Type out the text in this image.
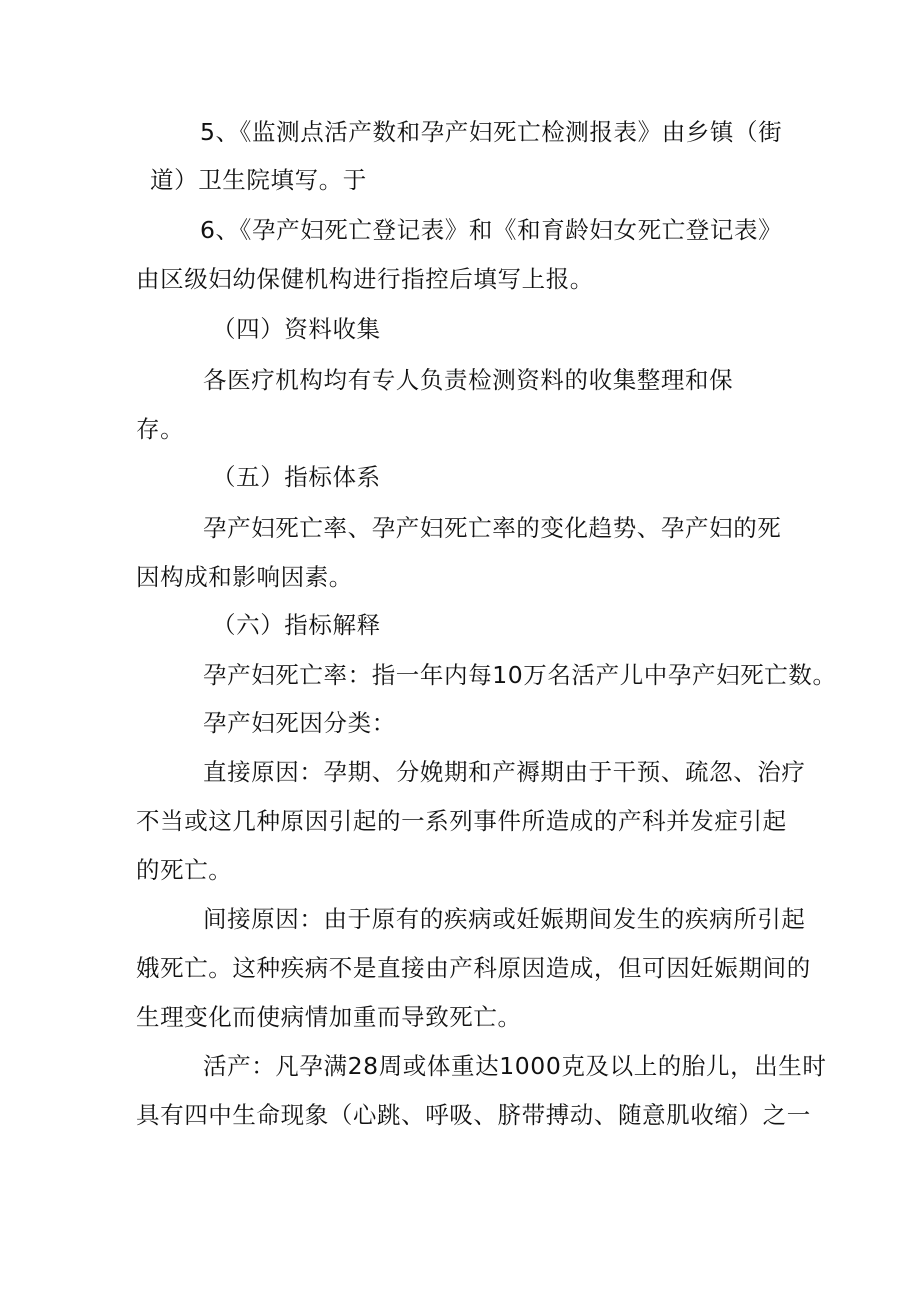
5、《监测点活产数和孕产妇死亡检测报表》由乡镇（街
道）卫生院填写。于
6、《孕产妇死亡登记表》和《和育龄妇女死亡登记表》
由区级妇幼保健机构进行指控后填写上报。
（四）资料收集
各医疗机构均有专人负责检测资料的收集整理和保
存。
（五）指标体系
孕产妇死亡率、孕产妇死亡率的变化趋势、孕产妇的死
因构成和影响因素。
（六）指标解释
孕产妇死亡率：指一年内每10万名活产儿中孕产妇死亡数。
孕产妇死因分类：
直接原因：孕期、分娩期和产褥期由于干预、疏忽、治疗
不当或这几种原因引起的一系列事件所造成的产科并发症引起
的死亡。
间接原因：由于原有的疾病或妊娠期间发生的疾病所引起
娥死亡。这种疾病不是直接由产科原因造成，但可因妊娠期间的
生理变化而使病情加重而导致死亡。
活产：凡孕满28周或体重达1000克及以上的胎儿，出生时
具有四中生命现象（心跳、呼吸、脐带搏动、随意肌收缩）之一
